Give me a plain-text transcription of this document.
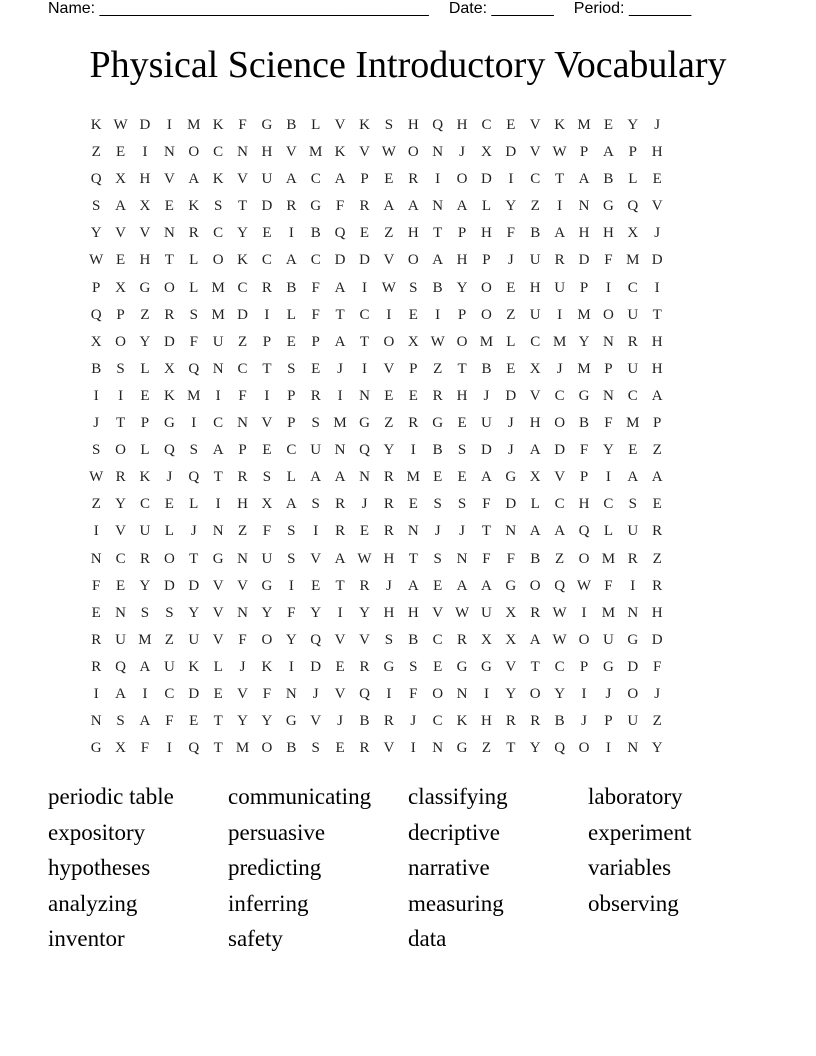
Name: _____________________________________ Date: _______ Period: _______
Physical Science Introductory Vocabulary
K W D	I	M K F G B L V K S H Q H C E V K M E Y	J
Z	E	I	N O C N H V M K V W O N	J	X D V W P A P H
Q X H V A K V U A C A P	E R	I	O D	I	C T A B L	E
S A X E K S	T D R G F	R A A N A L Y Z	I	N G Q V
Y V V N R C Y E	I	B Q E	Z H T	P H F	B A H H X	J
W E H T	L O K C A C D D V O A H P	J	U R D F M D
P X G O L M C R B	F A	I W S	B Y O E H U P	I	C	I
Q P	Z R	S M D	I	L	F	T C	I	E	I	P O Z U	I	M O U T
X O Y D F U Z	P	E	P A T O X W O M L C M Y N R H
B	S	L X Q N C T	S	E	J	I	V P	Z	T B E X	J M P U H
I	I	E K M	I	F	I	P	R	I	N E	E R H	J	D V C G N C A
J	T	P G	I	C N V P	S M G Z R G E U	J	H O B	F M P
S O L Q S A P	E C U N Q Y	I	B	S D	J	A D F Y E	Z
W R K	J	Q T R	S	L A A N R M E	E A G X V P	I	A A
Z Y C E	L	I	H X A S	R	J	R E	S	S	F D L C H C	S	E
I	V U L	J	N Z	F	S	I	R E R N	J	J	T N A A Q L U R
N C R O T G N U S V A W H T	S N F	F	B Z O M R Z
F	E Y D D V V G	I	E	T R	J	A E A A G O Q W F	I	R
E N S	S Y V N Y F Y	I	Y H H V W U X R W I	M N H
R U M Z U V F O Y Q V V S	B C R X X A W O U G D
R Q A U K L	J	K	I	D E R G S	E G G V T C	P G D F
I	A	I	C D E V F N	J	V Q	I	F O N	I	Y O Y	I	J	O	J
N S A F	E	T Y Y G V	J	B R	J	C K H R R B	J	P U Z
G X F	I	Q T M O B	S	E R V	I	N G Z	T Y Q O	I	N Y
periodic table	communicating	classifying	laboratory
expository	persuasive	decriptive	experiment
hypotheses	predicting	narrative	variables
analyzing	inferring	measuring	observing
inventor	safety	data
